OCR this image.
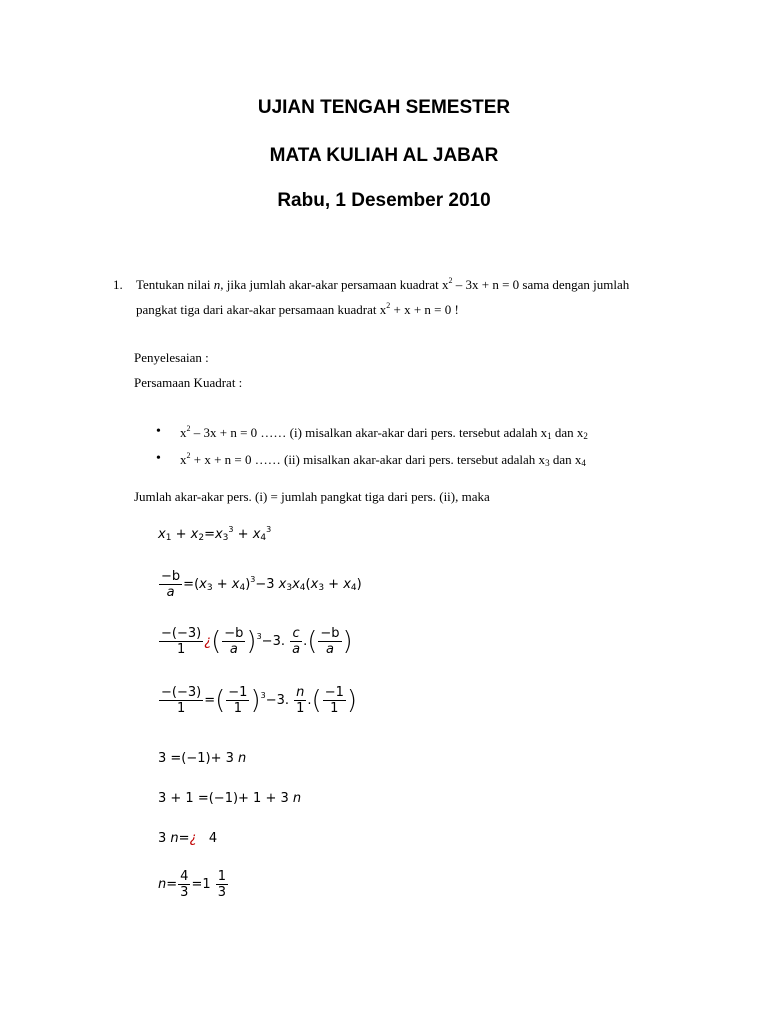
UJIAN TENGAH SEMESTER
MATA KULIAH AL JABAR
Rabu, 1 Desember 2010
1. Tentukan nilai n, jika jumlah akar-akar persamaan kuadrat $x^2 - 3x + n = 0$ sama dengan jumlah
pangkat tiga dari akar-akar persamaan kuadrat $x^2 + x + n = 0$ !
Penyelesaian :
Persamaan Kuadrat :
• $x^2 - 3x + n = 0$ …… (i) misalkan akar-akar dari pers. tersebut adalah $x_1$ dan $x_2$
• $x^2 + x + n = 0$ …… (ii) misalkan akar-akar dari pers. tersebut adalah $x_3$ dan $x_4$
Jumlah akar-akar pers. (i) = jumlah pangkat tiga dari pers. (ii), maka
$x_1 + x_2=x_3^3 + x_4^3$
$\frac{-b}{a} =(x_3 + x_4)^3-3$ $x_3x_4(x_3 + x_4)$
$\frac{-(-3)}{1}$ ¿( $\frac{-b}{a} )^3-3$. $\frac{c}{a}$ .( $\frac{-b}{a}$ )
$\frac{-(-3)}{1}$ =( $\frac{-1}{1} )^3-3$. $\frac{n}{1}$ .( $\frac{-1}{1}$ )
3 =(−1)+ 3 n
3 + 1 =(−1)+ 1 + 3 n
3 n=¿ 4
$n= \frac{4}{3} =1 \frac{1}{3}$
